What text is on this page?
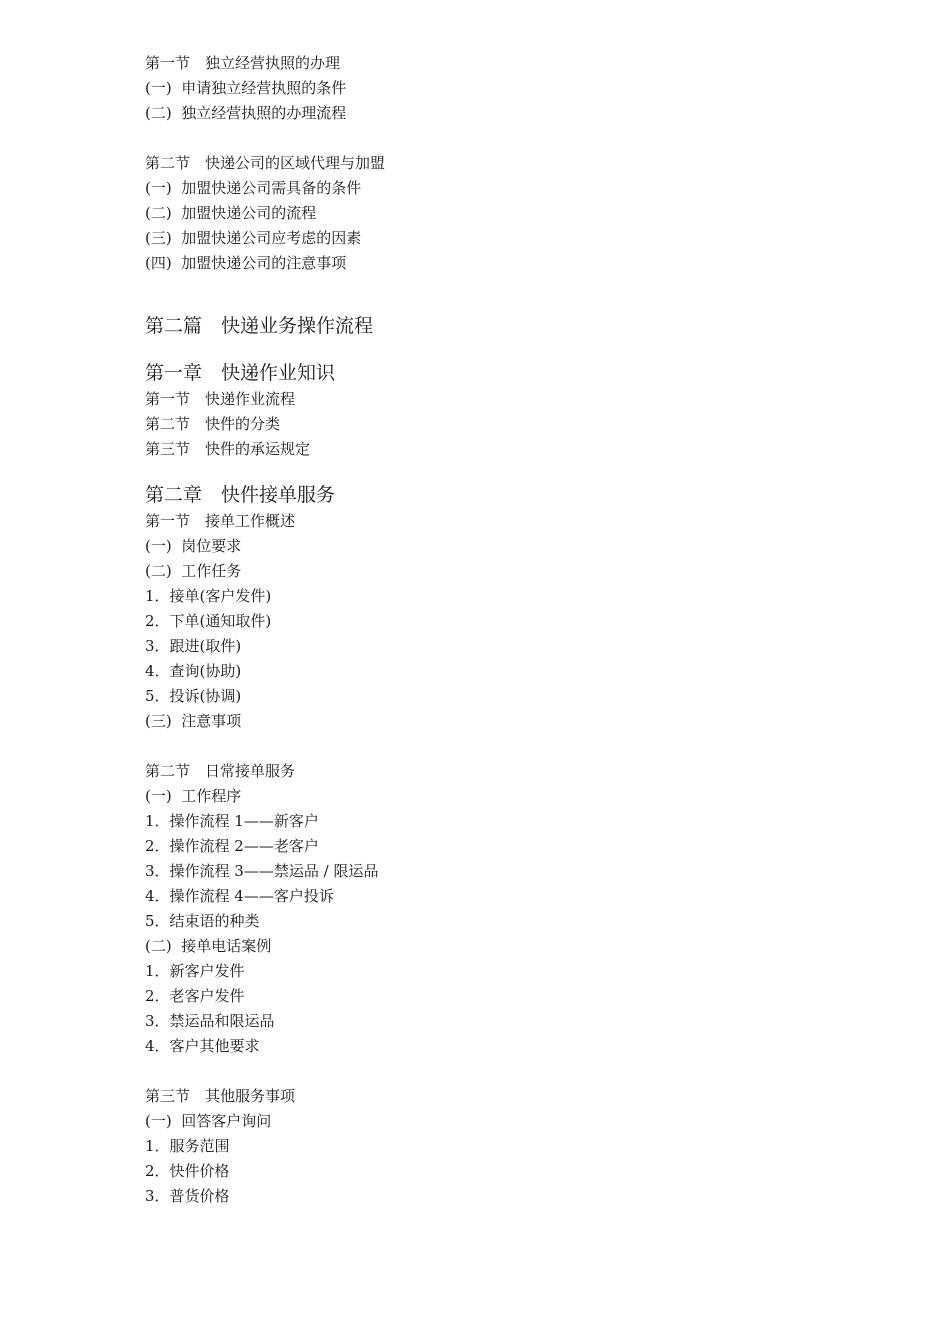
第一节　独立经营执照的办理
(一)  申请独立经营执照的条件
(二)  独立经营执照的办理流程
第二节　快递公司的区域代理与加盟
(一)  加盟快递公司需具备的条件
(二)  加盟快递公司的流程
(三)  加盟快递公司应考虑的因素
(四)  加盟快递公司的注意事项
第二篇　快递业务操作流程
第一章　快递作业知识
第一节　快递作业流程
第二节　快件的分类
第三节　快件的承运规定
第二章　快件接单服务
第一节　接单工作概述
(一)  岗位要求
(二)  工作任务
1．接单(客户发件)
2．下单(通知取件)
3．跟进(取件)
4．查询(协助)
5．投诉(协调)
(三)  注意事项
第二节　日常接单服务
(一)  工作程序
1．操作流程 1——新客户
2．操作流程 2——老客户
3．操作流程 3——禁运品 / 限运品
4．操作流程 4——客户投诉
5．结束语的种类
(二)  接单电话案例
1．新客户发件
2．老客户发件
3．禁运品和限运品
4．客户其他要求
第三节　其他服务事项
(一)  回答客户询问
1．服务范围
2．快件价格
3．普货价格
